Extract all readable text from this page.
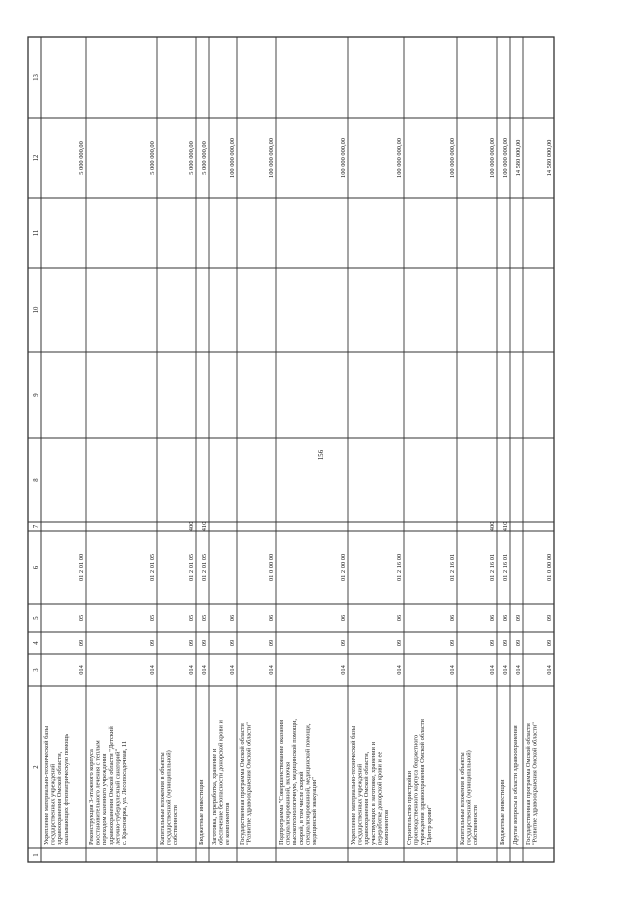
156
1
2
3
4
5
6
7
8
9
10
11
12
13
Укрепление материально-технической базы государственных учреждений здравоохранения Омской области, оказывающих фтизиатрическую помощь
014
09
05
01 2 01 00
5 000 000,00
Реконструкция 3-этажного корпуса восстановительного лечения с теплым переходом казенного учреждения здравоохранения Омской области "Детский легочно-туберкулезный санаторий" с. Красноярка, ул. Лесопосадочная, 11
014
09
05
01 2 01 05
5 000 000,00
Капитальные вложения в объекты государственной (муниципальной) собственности
014
09
05
01 2 01 05
400
5 000 000,00
Бюджетные инвестиции
014
09
05
01 2 01 05
410
5 000 000,00
Заготовка, переработка, хранение и обеспечение безопасности донорской крови и ее компонентов
014
09
06
100 000 000,00
Государственная программа Омской области "Развитие здравоохранения Омской области"
014
09
06
01 0 00 00
100 000 000,00
Подпрограмма "Совершенствование оказания специализированной, включая высокотехнологичную, медицинской помощи, скорой, в том числе скорой специализированной, медицинской помощи, медицинской эвакуации"
014
09
06
01 2 00 00
100 000 000,00
Укрепление материально-технической базы государственных учреждений здравоохранения Омской области, участвующих в заготовке, хранении и переработке донорской крови и ее компонентов
014
09
06
01 2 16 00
100 000 000,00
Строительство пристройки производственного корпуса бюджетного учреждения здравоохранения Омской области "Центр крови"
014
09
06
01 2 16 01
100 000 000,00
Капитальные вложения в объекты государственной (муниципальной) собственности
014
09
06
01 2 16 01
400
100 000 000,00
Бюджетные инвестиции
014
09
06
01 2 16 01
410
100 000 000,00
Другие вопросы в области здравоохранения
014
09
09
14 580 000,00
Государственная программа Омской области "Развитие здравоохранения Омской области"
014
09
09
01 0 00 00
14 580 000,00
